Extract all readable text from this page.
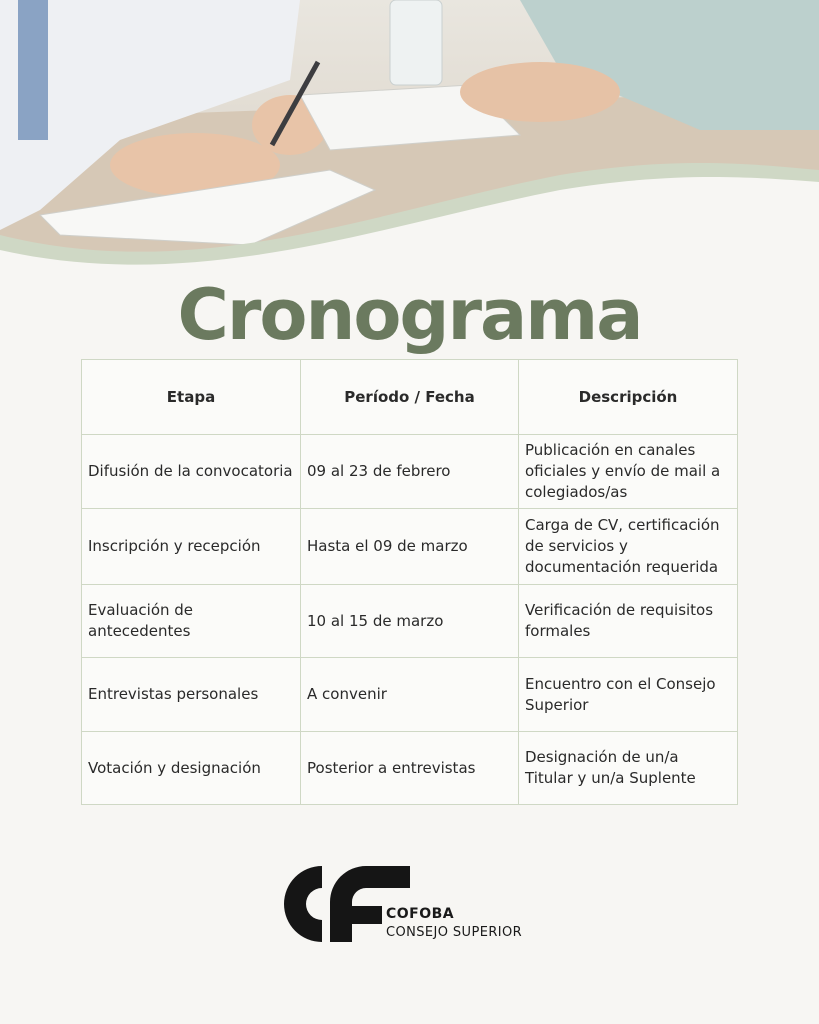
Cronograma
Etapa	Período / Fecha	Descripción
Difusión de la convocatoria	09 al 23 de febrero	Publicación en canales oficiales y envío de mail a colegiados/as
Inscripción y recepción	Hasta el 09 de marzo	Carga de CV, certificación de servicios y documentación requerida
Evaluación de antecedentes	10 al 15 de marzo	Verificación de requisitos formales
Entrevistas personales	A convenir	Encuentro con el Consejo Superior
Votación y designación	Posterior a entrevistas	Designación de un/a Titular y un/a Suplente
COFOBA
CONSEJO SUPERIOR
